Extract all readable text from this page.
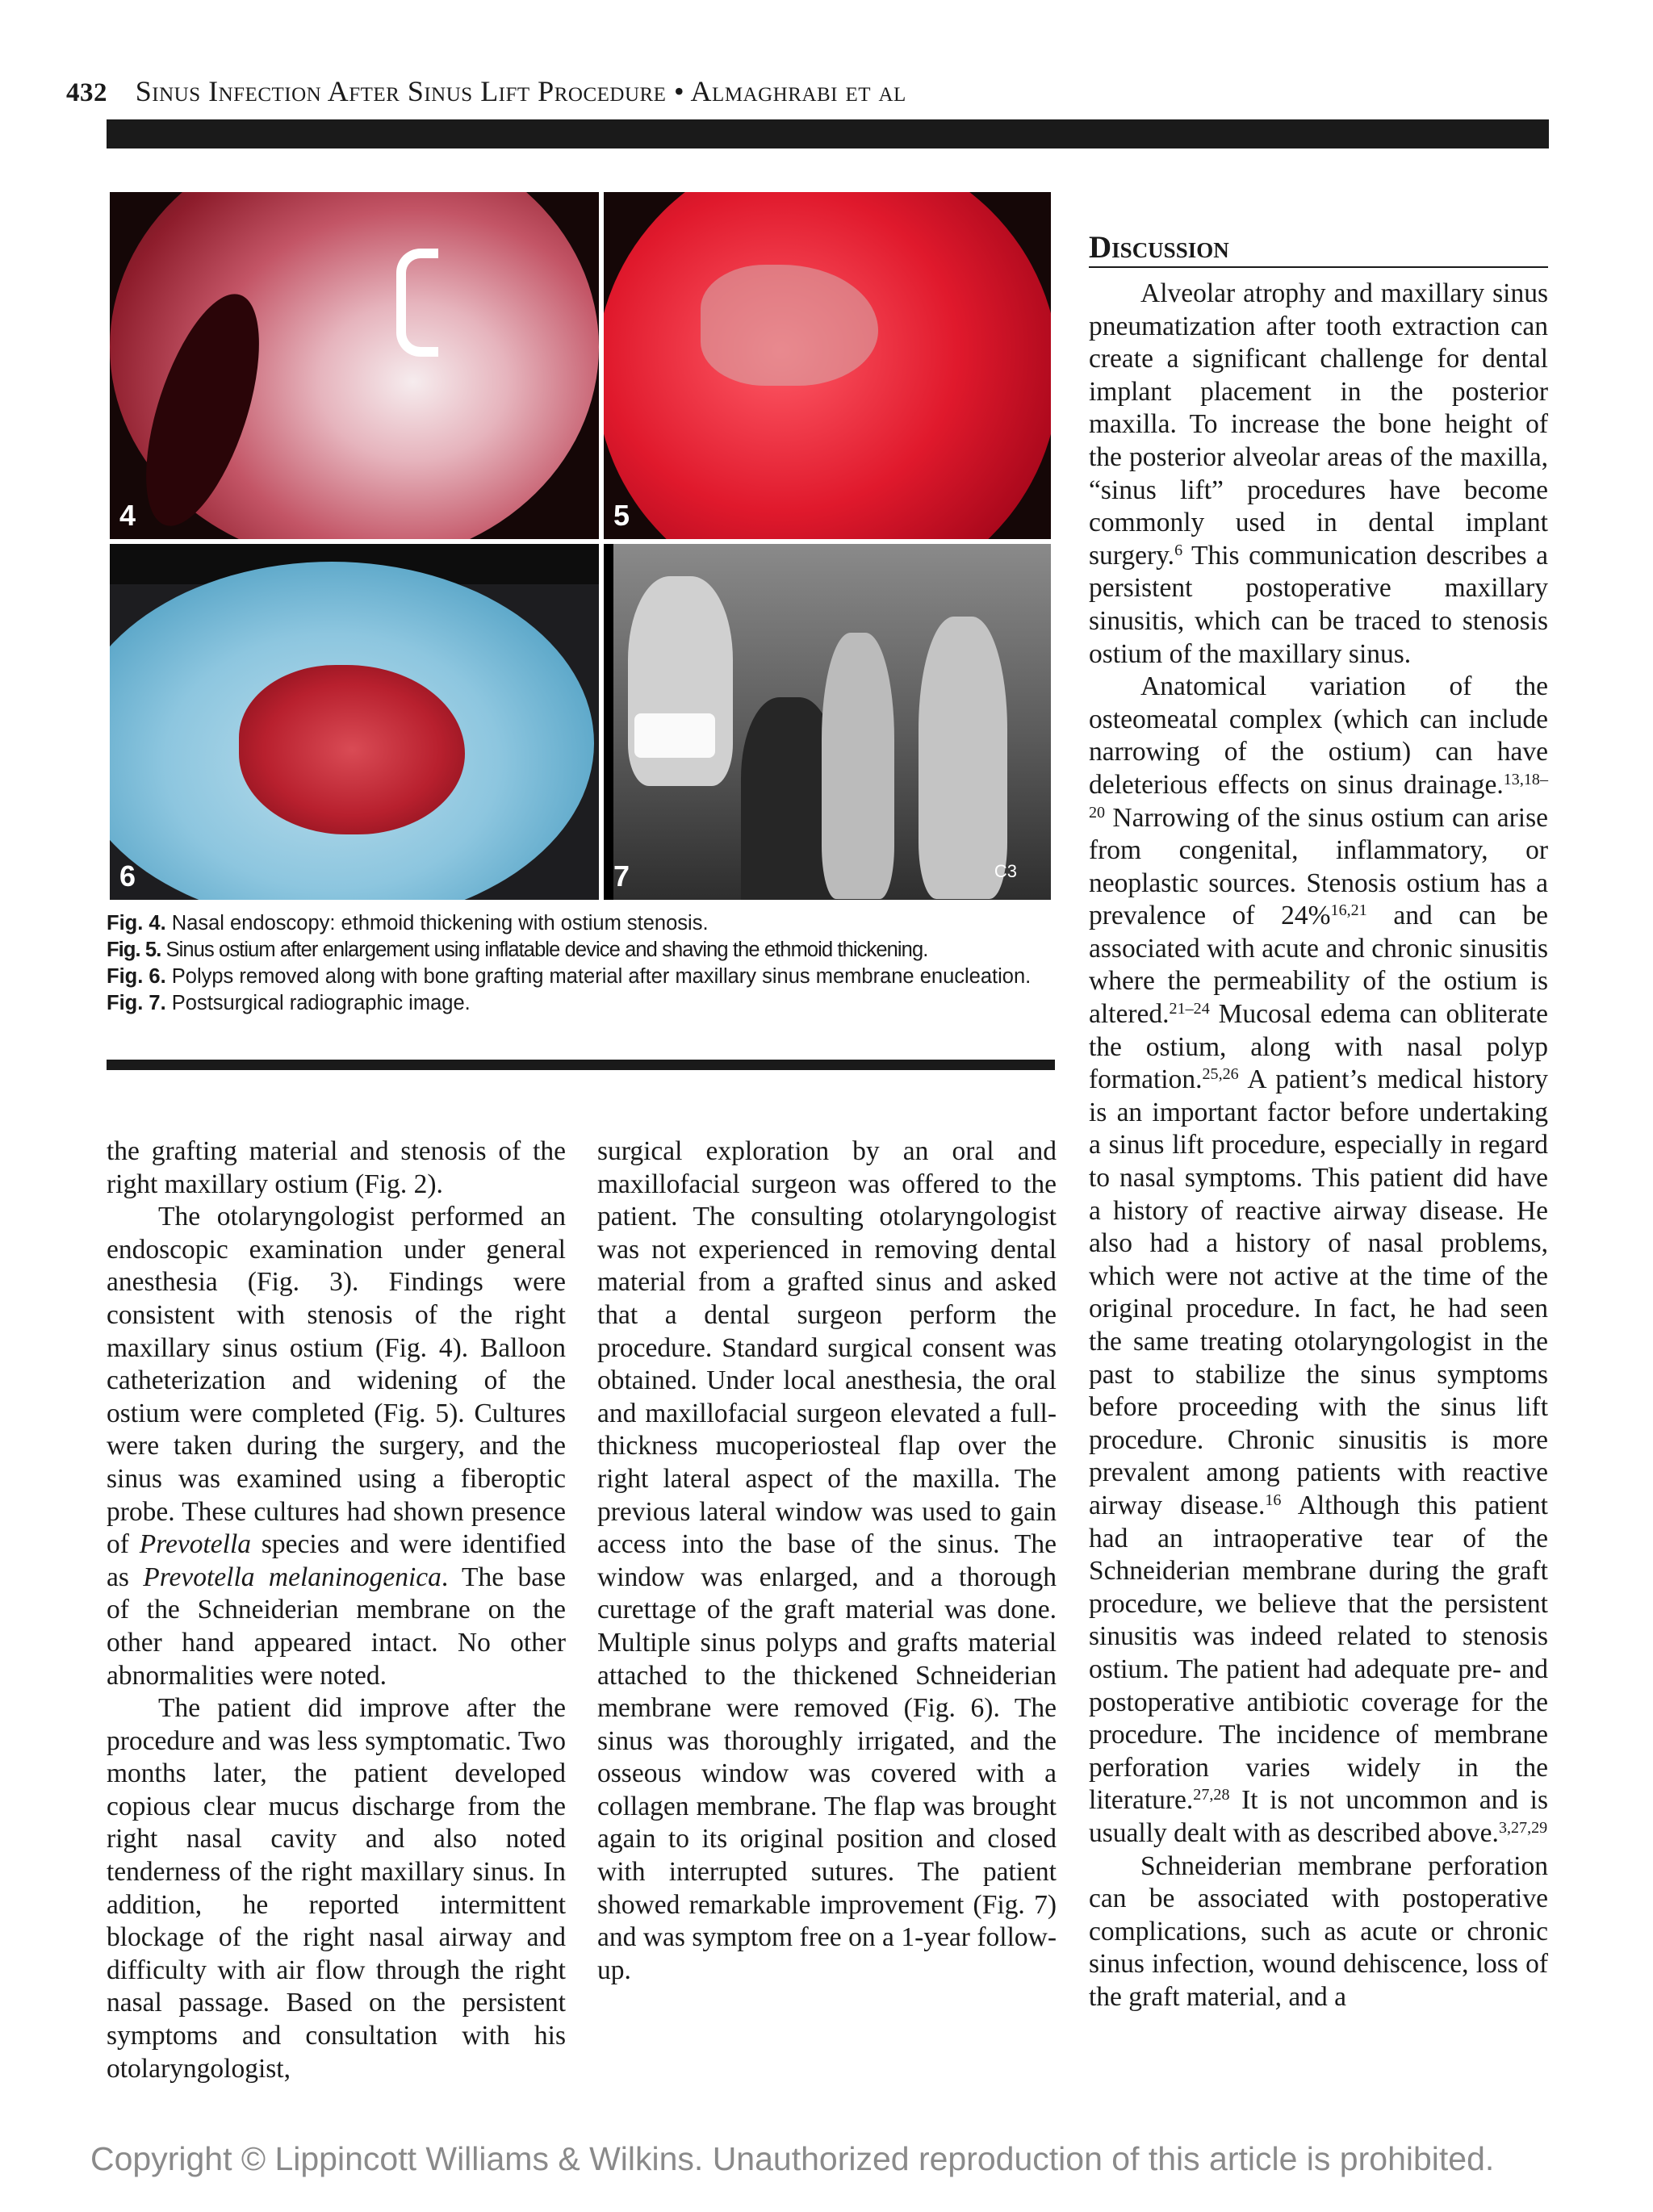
432 Sinus Infection After Sinus Lift Procedure • Almaghrabi et al
4	5
6	C3
7

Fig. 4. Nasal endoscopy: ethmoid thickening with ostium stenosis.

Fig. 5. Sinus ostium after enlargement using inflatable device and shaving the ethmoid thickening.

Fig. 6. Polyps removed along with bone grafting material after maxillary sinus membrane enucleation.

Fig. 7. Postsurgical radiographic image.

the grafting material and stenosis of the right maxillary ostium (Fig. 2).

The otolaryngologist performed an endoscopic examination under general anesthesia (Fig. 3). Findings were consistent with stenosis of the right maxillary sinus ostium (Fig. 4). Balloon catheterization and widening of the ostium were completed (Fig. 5). Cultures were taken during the surgery, and the sinus was examined using a fiberoptic probe. These cultures had shown presence of Prevotella species and were identified as Prevotella melaninogenica. The base of the Schneiderian membrane on the other hand appeared intact. No other abnormalities were noted.

The patient did improve after the procedure and was less symptomatic. Two months later, the patient developed copious clear mucus discharge from the right nasal cavity and also noted tenderness of the right maxillary sinus. In addition, he reported intermittent blockage of the right nasal airway and difficulty with air flow through the right nasal passage. Based on the persistent symptoms and consultation with his otolaryngologist,

surgical exploration by an oral and maxillofacial surgeon was offered to the patient. The consulting otolaryngologist was not experienced in removing dental material from a grafted sinus and asked that a dental surgeon perform the procedure. Standard surgical consent was obtained. Under local anesthesia, the oral and maxillofacial surgeon elevated a full-thickness mucoperiosteal flap over the right lateral aspect of the maxilla. The previous lateral window was used to gain access into the base of the sinus. The window was enlarged, and a thorough curettage of the graft material was done. Multiple sinus polyps and grafts material attached to the thickened Schneiderian membrane were removed (Fig. 6). The sinus was thoroughly irrigated, and the osseous window was covered with a collagen membrane. The flap was brought again to its original position and closed with interrupted sutures. The patient showed remarkable improvement (Fig. 7) and was symptom free on a 1-year follow-up.

Discussion

Alveolar atrophy and maxillary sinus pneumatization after tooth extraction can create a significant challenge for dental implant placement in the posterior maxilla. To increase the bone height of the posterior alveolar areas of the maxilla, “sinus lift” procedures have become commonly used in dental implant surgery.$^6$ This communication describes a persistent postoperative maxillary sinusitis, which can be traced to stenosis ostium of the maxillary sinus.

Anatomical variation of the osteomeatal complex (which can include narrowing of the ostium) can have deleterious effects on sinus drainage.$^{13,18-20}$ Narrowing of the sinus ostium can arise from congenital, inflammatory, or neoplastic sources. Stenosis ostium has a prevalence of 24%$^{16,21}$ and can be associated with acute and chronic sinusitis where the permeability of the ostium is altered.$^{21-24}$ Mucosal edema can obliterate the ostium, along with nasal polyp formation.$^{25,26}$ A patient’s medical history is an important factor before undertaking a sinus lift procedure, especially in regard to nasal symptoms. This patient did have a history of reactive airway disease. He also had a history of nasal problems, which were not active at the time of the original procedure. In fact, he had seen the same treating otolaryngologist in the past to stabilize the sinus symptoms before proceeding with the sinus lift procedure. Chronic sinusitis is more prevalent among patients with reactive airway disease.$^{16}$ Although this patient had an intraoperative tear of the Schneiderian membrane during the graft procedure, we believe that the persistent sinusitis was indeed related to stenosis ostium. The patient had adequate pre- and postoperative antibiotic coverage for the procedure. The incidence of membrane perforation varies widely in the literature.$^{27,28}$ It is not uncommon and is usually dealt with as described above.$^{3,27,29}$

Schneiderian membrane perforation can be associated with postoperative complications, such as acute or chronic sinus infection, wound dehiscence, loss of the graft material, and a

Copyright © Lippincott Williams & Wilkins. Unauthorized reproduction of this article is prohibited.
